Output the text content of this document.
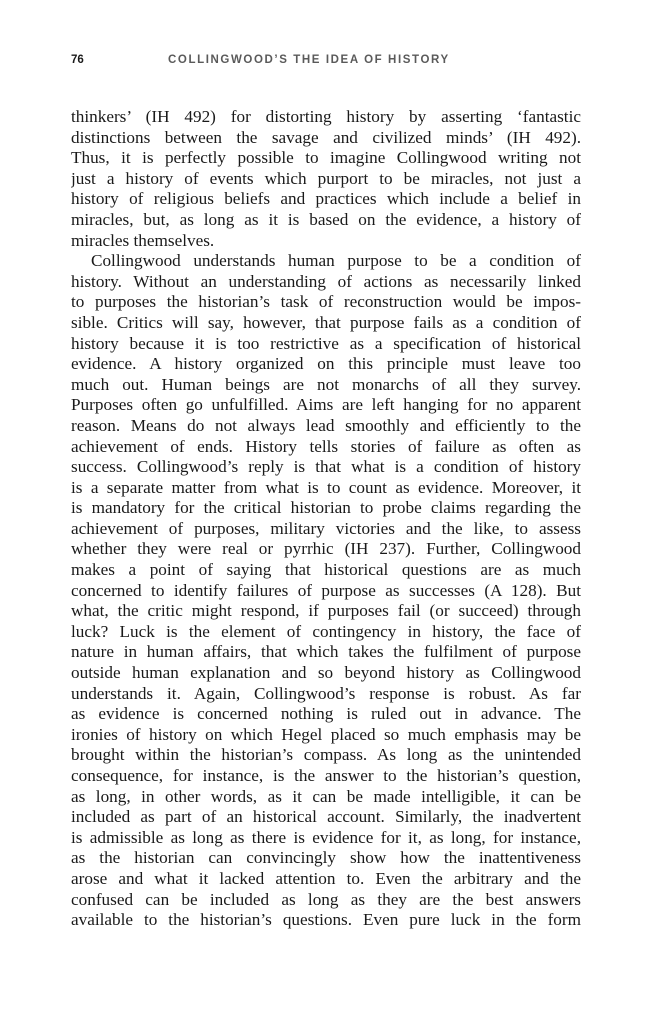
76	COLLINGWOOD’S THE IDEA OF HISTORY
thinkers’ (IH 492) for distorting history by asserting ‘fantastic
distinctions between the savage and civilized minds’ (IH 492).
Thus, it is perfectly possible to imagine Collingwood writing not
just a history of events which purport to be miracles, not just a
history of religious beliefs and practices which include a belief in
miracles, but, as long as it is based on the evidence, a history of
miracles themselves.
Collingwood understands human purpose to be a condition of
history. Without an understanding of actions as necessarily linked
to purposes the historian’s task of reconstruction would be impos-
sible. Critics will say, however, that purpose fails as a condition of
history because it is too restrictive as a specification of historical
evidence. A history organized on this principle must leave too
much out. Human beings are not monarchs of all they survey.
Purposes often go unfulfilled. Aims are left hanging for no apparent
reason. Means do not always lead smoothly and efficiently to the
achievement of ends. History tells stories of failure as often as
success. Collingwood’s reply is that what is a condition of history
is a separate matter from what is to count as evidence. Moreover, it
is mandatory for the critical historian to probe claims regarding the
achievement of purposes, military victories and the like, to assess
whether they were real or pyrrhic (IH 237). Further, Collingwood
makes a point of saying that historical questions are as much
concerned to identify failures of purpose as successes (A 128). But
what, the critic might respond, if purposes fail (or succeed) through
luck? Luck is the element of contingency in history, the face of
nature in human affairs, that which takes the fulfilment of purpose
outside human explanation and so beyond history as Collingwood
understands it. Again, Collingwood’s response is robust. As far
as evidence is concerned nothing is ruled out in advance. The
ironies of history on which Hegel placed so much emphasis may be
brought within the historian’s compass. As long as the unintended
consequence, for instance, is the answer to the historian’s question,
as long, in other words, as it can be made intelligible, it can be
included as part of an historical account. Similarly, the inadvertent
is admissible as long as there is evidence for it, as long, for instance,
as the historian can convincingly show how the inattentiveness
arose and what it lacked attention to. Even the arbitrary and the
confused can be included as long as they are the best answers
available to the historian’s questions. Even pure luck in the form
